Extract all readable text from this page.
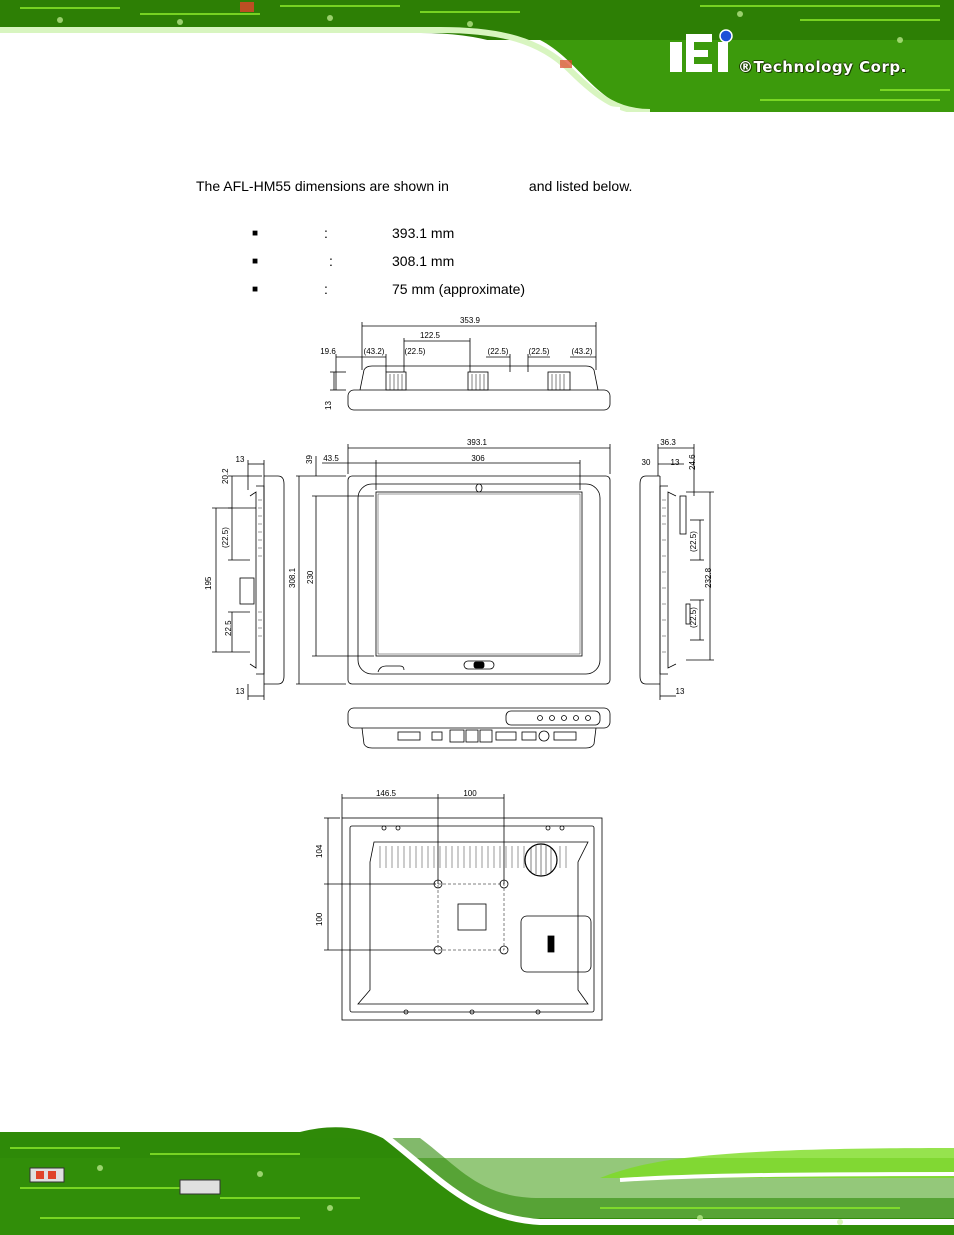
®Technology Corp.
The AFL-HM55 dimensions are shown in	and listed below.
■	:	393.1 mm
■	:	308.1 mm
■	:	75 mm (approximate)
353.9
122.5
19.6	(43.2)	(22.5)	(22.5)	(22.5)	(43.2)
13
393.1
43.5	306
39
308.1 230
13
20.2
(22.5)
195
22.5
13
36.3
30	13 24.6
(22.5)
232.8
(22.5)
13
146.5	100
104
100
